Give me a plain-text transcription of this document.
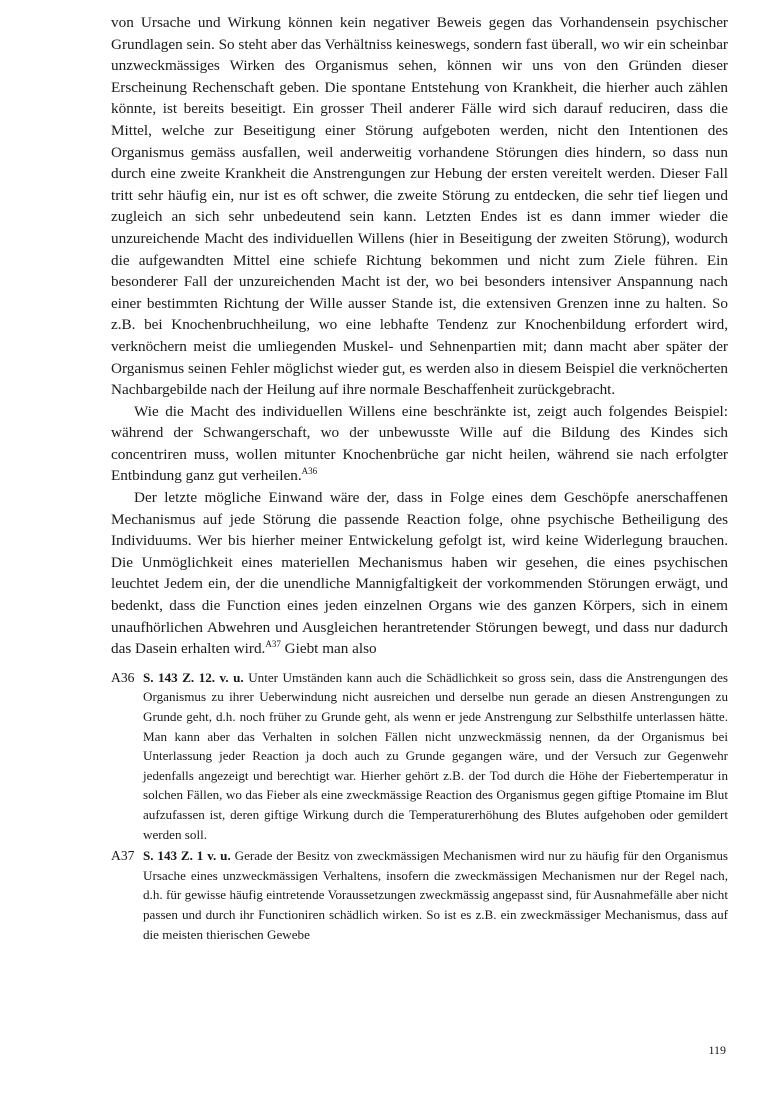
von Ursache und Wirkung können kein negativer Beweis gegen das Vorhandensein psychischer Grundlagen sein. So steht aber das Verhältniss keineswegs, sondern fast überall, wo wir ein scheinbar unzweckmässiges Wirken des Organismus sehen, können wir uns von den Gründen dieser Erscheinung Rechenschaft geben. Die spontane Entstehung von Krankheit, die hierher auch zählen könnte, ist bereits beseitigt. Ein grosser Theil anderer Fälle wird sich darauf reduciren, dass die Mittel, welche zur Beseitigung einer Störung aufgeboten werden, nicht den Intentionen des Organismus gemäss ausfallen, weil anderweitig vorhandene Störungen dies hindern, so dass nun durch eine zweite Krankheit die Anstrengungen zur Hebung der ersten vereitelt werden. Dieser Fall tritt sehr häufig ein, nur ist es oft schwer, die zweite Störung zu entdecken, die sehr tief liegen und zugleich an sich sehr unbedeutend sein kann. Letzten Endes ist es dann immer wieder die unzureichende Macht des individuellen Willens (hier in Beseitigung der zweiten Störung), wodurch die aufgewandten Mittel eine schiefe Richtung bekommen und nicht zum Ziele führen. Ein besonderer Fall der unzureichenden Macht ist der, wo bei besonders intensiver Anspannung nach einer bestimmten Richtung der Wille ausser Stande ist, die extensiven Grenzen inne zu halten. So z.B. bei Knochenbruchheilung, wo eine lebhafte Tendenz zur Knochenbildung erfordert wird, verknöchern meist die umliegenden Muskel- und Sehnenpartien mit; dann macht aber später der Organismus seinen Fehler möglichst wieder gut, es werden also in diesem Beispiel die verknöcherten Nachbargebilde nach der Heilung auf ihre normale Beschaffenheit zurückgebracht.

Wie die Macht des individuellen Willens eine beschränkte ist, zeigt auch folgendes Beispiel: während der Schwangerschaft, wo der unbewusste Wille auf die Bildung des Kindes sich concentriren muss, wollen mitunter Knochenbrüche gar nicht heilen, während sie nach erfolgter Entbindung ganz gut verheilen.$^{A36}$

Der letzte mögliche Einwand wäre der, dass in Folge eines dem Geschöpfe anerschaffenen Mechanismus auf jede Störung die passende Reaction folge, ohne psychische Betheiligung des Individuums. Wer bis hierher meiner Entwickelung gefolgt ist, wird keine Widerlegung brauchen. Die Unmöglichkeit eines materiellen Mechanismus haben wir gesehen, die eines psychischen leuchtet Jedem ein, der die unendliche Mannigfaltigkeit der vorkommenden Störungen erwägt, und bedenkt, dass die Function eines jeden einzelnen Organs wie des ganzen Körpers, sich in einem unaufhörlichen Abwehren und Ausgleichen herantretender Störungen bewegt, und dass nur dadurch das Dasein erhalten wird.$^{A37}$ Giebt man also

A36 S. 143 Z. 12. v. u. Unter Umständen kann auch die Schädlichkeit so gross sein, dass die Anstrengungen des Organismus zu ihrer Ueberwindung nicht ausreichen und derselbe nun gerade an diesen Anstrengungen zu Grunde geht, d.h. noch früher zu Grunde geht, als wenn er jede Anstrengung zur Selbsthilfe unterlassen hätte. Man kann aber das Verhalten in solchen Fällen nicht unzweckmässig nennen, da der Organismus bei Unterlassung jeder Reaction ja doch auch zu Grunde gegangen wäre, und der Versuch zur Gegenwehr jedenfalls angezeigt und berechtigt war. Hierher gehört z.B. der Tod durch die Höhe der Fiebertemperatur in solchen Fällen, wo das Fieber als eine zweckmässige Reaction des Organismus gegen giftige Ptomaine im Blut aufzufassen ist, deren giftige Wirkung durch die Temperaturerhöhung des Blutes aufgehoben oder gemildert werden soll.
A37 S. 143 Z. 1 v. u. Gerade der Besitz von zweckmässigen Mechanismen wird nur zu häufig für den Organismus Ursache eines unzweckmässigen Verhaltens, insofern die zweckmässigen Mechanismen nur der Regel nach, d.h. für gewisse häufig eintretende Voraussetzungen zweckmässig angepasst sind, für Ausnahmefälle aber nicht passen und durch ihr Functioniren schädlich wirken. So ist es z.B. ein zweckmässiger Mechanismus, dass auf die meisten thierischen Gewebe
119
